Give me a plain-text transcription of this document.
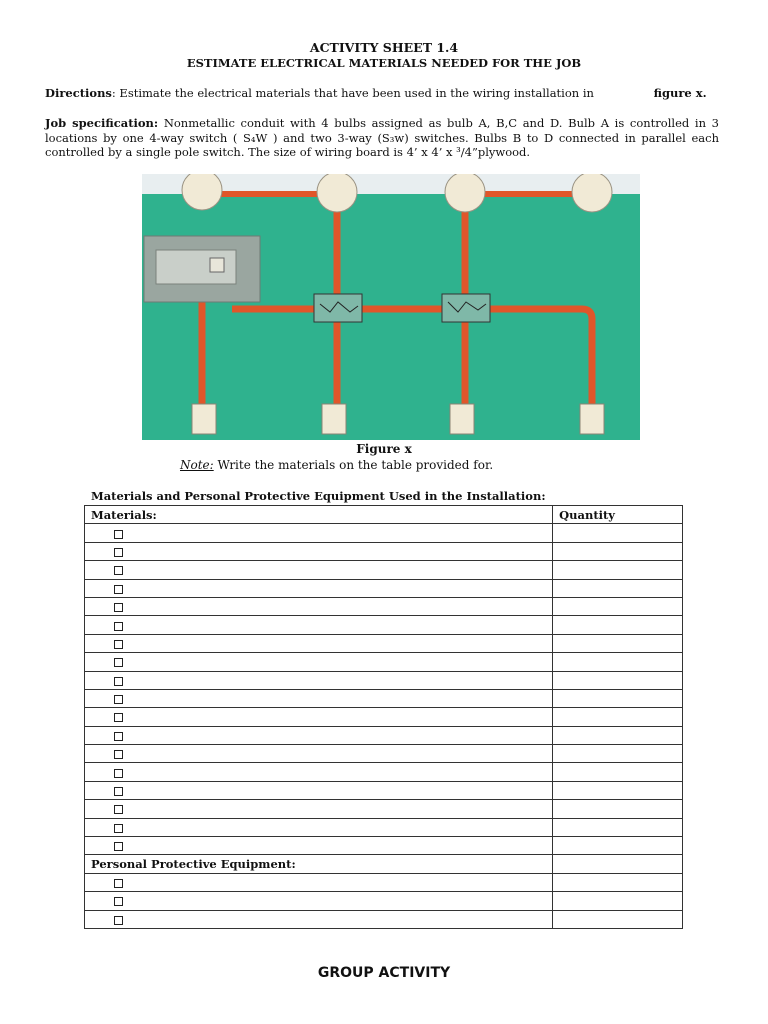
ACTIVITY SHEET 1.4
ESTIMATE ELECTRICAL MATERIALS NEEDED FOR THE JOB
Directions: Estimate the electrical materials that have been used in the wiring installation in	figure x.
Job specification: Nonmetallic conduit with 4 bulbs assigned as bulb A, B,C and D. Bulb A is controlled in 3 locations by one 4-way switch ( S₄W ) and two 3-way (S₃w) switches. Bulbs B to D connected in parallel each controlled by a single pole switch. The size of wiring board is 4’ x 4’ x ³/4”plywood.
Figure x
Note: Write the materials on the table provided for.
Materials and Personal Protective Equipment Used in the Installation:
Materials:	Quantity

Personal Protective Equipment:	

GROUP ACTIVITY
